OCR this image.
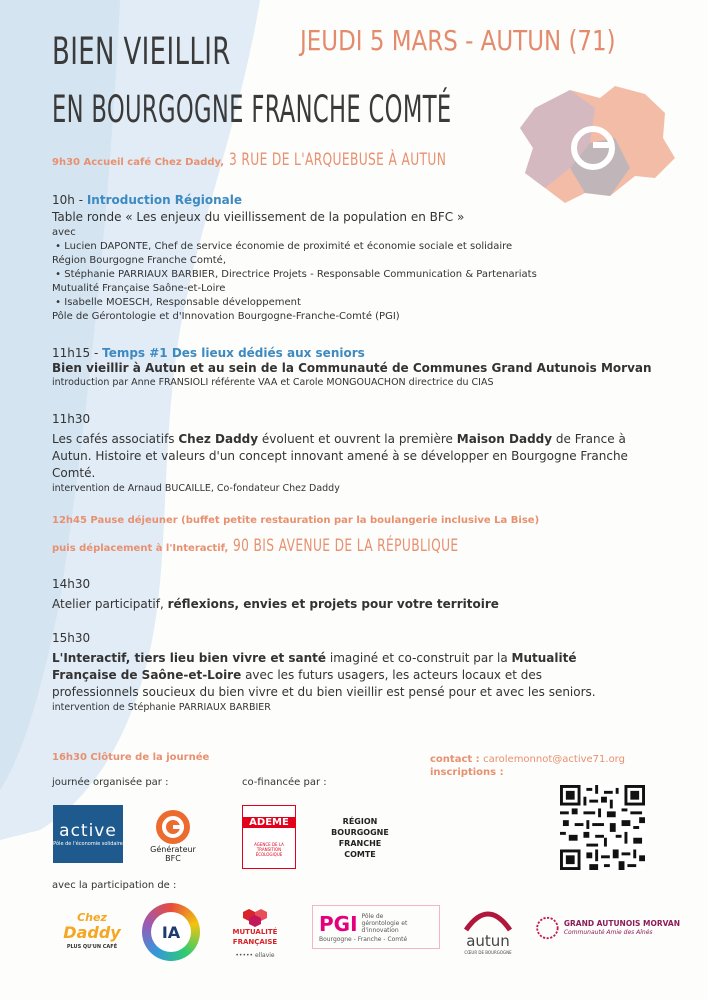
BIEN VIEILLIR
EN BOURGOGNE FRANCHE COMTÉ
JEUDI 5 MARS - AUTUN (71)
9h30 Accueil café Chez Daddy, 3 RUE DE L'ARQUEBUSE À AUTUN
10h - Introduction Régionale
Table ronde « Les enjeux du vieillissement de la population en BFC »
avec
• Lucien DAPONTE, Chef de service économie de proximité et économie sociale et solidaire
Région Bourgogne Franche Comté,
• Stéphanie PARRIAUX BARBIER, Directrice Projets - Responsable Communication & Partenariats
Mutualité Française Saône-et-Loire
• Isabelle MOESCH, Responsable développement
Pôle de Gérontologie et d'Innovation Bourgogne-Franche-Comté (PGI)
11h15 - Temps #1 Des lieux dédiés aux seniors
Bien vieillir à Autun et au sein de la Communauté de Communes Grand Autunois Morvan
introduction par Anne FRANSIOLI référente VAA et Carole MONGOUACHON directrice du CIAS
11h30
Les cafés associatifs Chez Daddy évoluent et ouvrent la première Maison Daddy de France à Autun. Histoire et valeurs d'un concept innovant amené à se développer en Bourgogne Franche Comté.
intervention de Arnaud BUCAILLE, Co-fondateur Chez Daddy
12h45 Pause déjeuner (buffet petite restauration par la boulangerie inclusive La Bise)
puis déplacement à l'Interactif, 90 BIS AVENUE DE LA RÉPUBLIQUE
14h30
Atelier participatif, réflexions, envies et projets pour votre territoire
15h30
L'Interactif, tiers lieu bien vivre et santé imaginé et co-construit par la Mutualité Française de Saône-et-Loire avec les futurs usagers, les acteurs locaux et des professionnels soucieux du bien vivre et du bien vieillir est pensé pour et avec les seniors.
intervention de Stéphanie PARRIAUX BARBIER
16h30 Clôture de la journée	contact : carolemonnot@active71.org
inscriptions :
journée organisée par :	co-financée par :
active
Pôle de l'économie solidaire
Générateur
BFC
ADEME
AGENCE DE LA TRANSITION ÉCOLOGIQUE
RÉGION
BOURGOGNE
FRANCHE
COMTE
avec la participation de :
Chez
Daddy
PLUS QU'UN CAFÉ
IA	MUTUALITÉ
FRANÇAISE
••••• ellavie
PGI Pôle de gérontologie et d'innovation
Bourgogne - Franche - Comté	autun
CŒUR DE BOURGOGNE
GRAND AUTUNOIS MORVAN
Communauté Amie des Aînés
